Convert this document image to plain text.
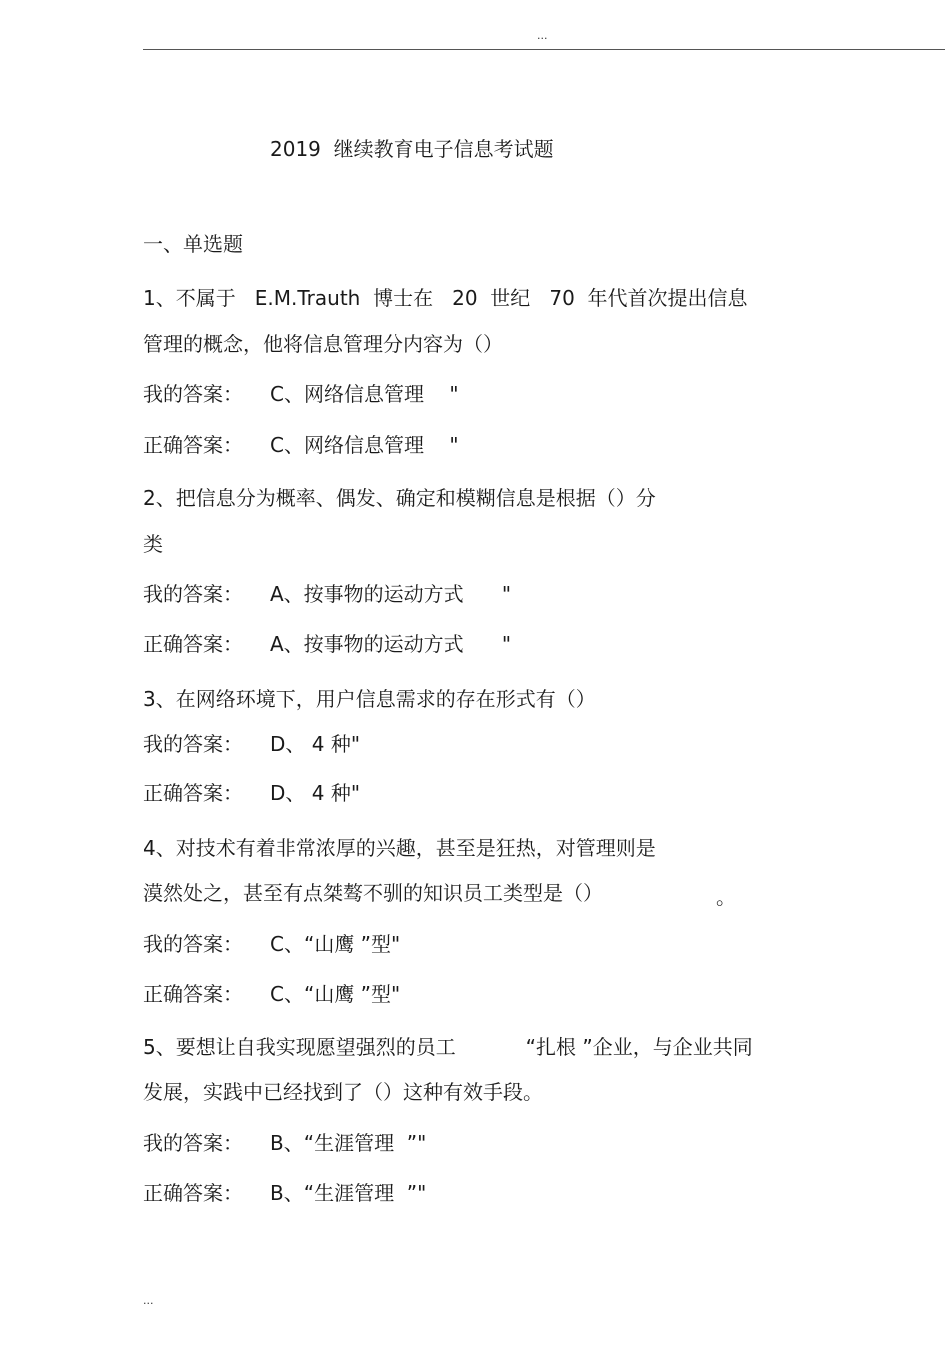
...
2019  继续教育电子信息考试题
一、单选题
1、不属于   E.M.Trauth  博士在   20  世纪   70  年代首次提出信息
管理的概念，他将信息管理分内容为（）
我的答案： C、网络信息管理    "
正确答案： C、网络信息管理    "
2、把信息分为概率、偶发、确定和模糊信息是根据（）分
类
我的答案： A、按事物的运动方式      "
正确答案： A、按事物的运动方式      "
3、在网络环境下，用户信息需求的存在形式有（）
我的答案： D、 4 种"
正确答案： D、 4 种"
4、对技术有着非常浓厚的兴趣，甚至是狂热，对管理则是
漠然处之，甚至有点桀骜不驯的知识员工类型是（）	。
我的答案： C、“山鹰 ”型"
正确答案： C、“山鹰 ”型"
5、要想让自我实现愿望强烈的员工           “扎根 ”企业，与企业共同
发展，实践中已经找到了（）这种有效手段。
我的答案： B、“生涯管理  ”"
正确答案： B、“生涯管理  ”"
...
